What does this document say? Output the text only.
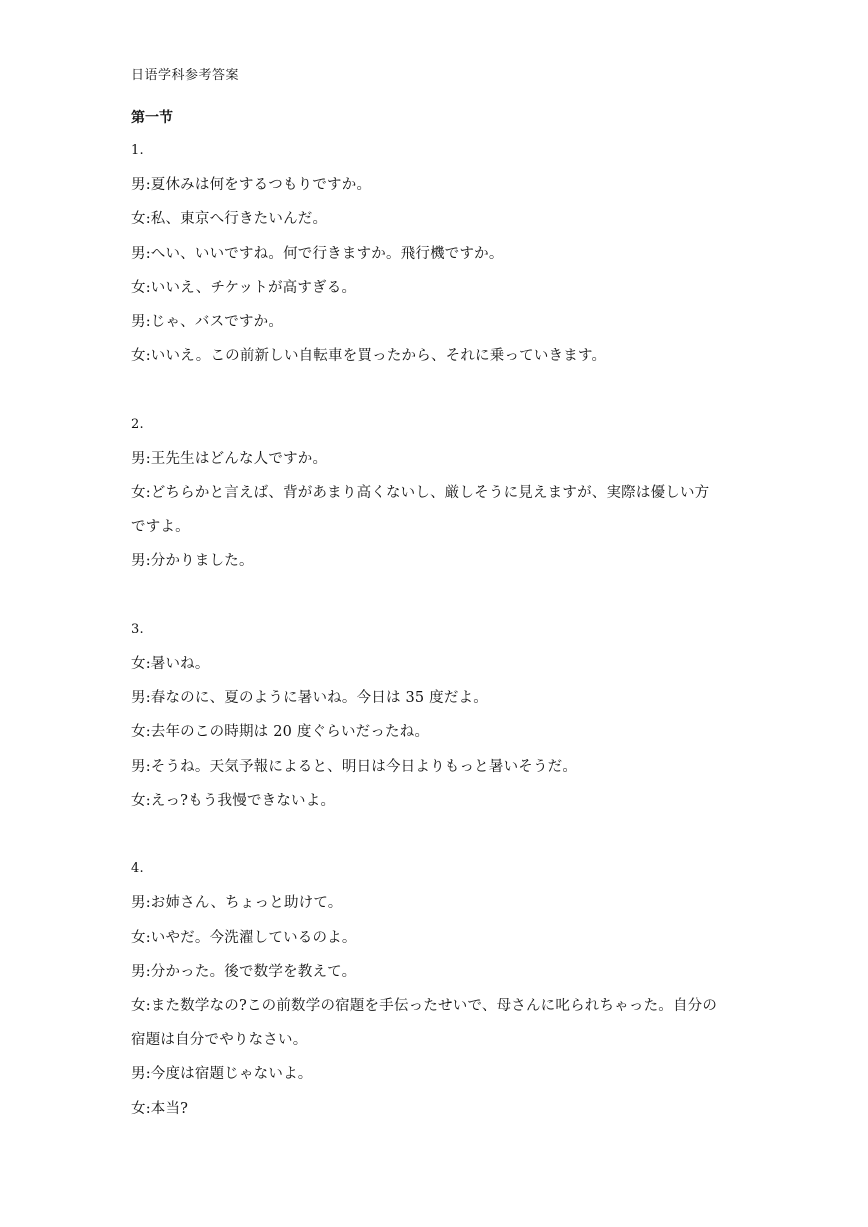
日语学科参考答案
第一节
1.
男:夏休みは何をするつもりですか。
女:私、東京へ行きたいんだ。
男:へい、いいですね。何で行きますか。飛行機ですか。
女:いいえ、チケットが高すぎる。
男:じゃ、バスですか。
女:いいえ。この前新しい自転車を買ったから、それに乗っていきます。
2.
男:王先生はどんな人ですか。
女:どちらかと言えば、背があまり高くないし、厳しそうに見えますが、実際は優しい方
ですよ。
男:分かりました。
3.
女:暑いね。
男:春なのに、夏のように暑いね。今日は 35 度だよ。
女:去年のこの時期は 20 度ぐらいだったね。
男:そうね。天気予報によると、明日は今日よりもっと暑いそうだ。
女:えっ?もう我慢できないよ。
4.
男:お姉さん、ちょっと助けて。
女:いやだ。今洗濯しているのよ。
男:分かった。後で数学を教えて。
女:また数学なの?この前数学の宿題を手伝ったせいで、母さんに叱られちゃった。自分の
宿題は自分でやりなさい。
男:今度は宿題じゃないよ。
女:本当?
